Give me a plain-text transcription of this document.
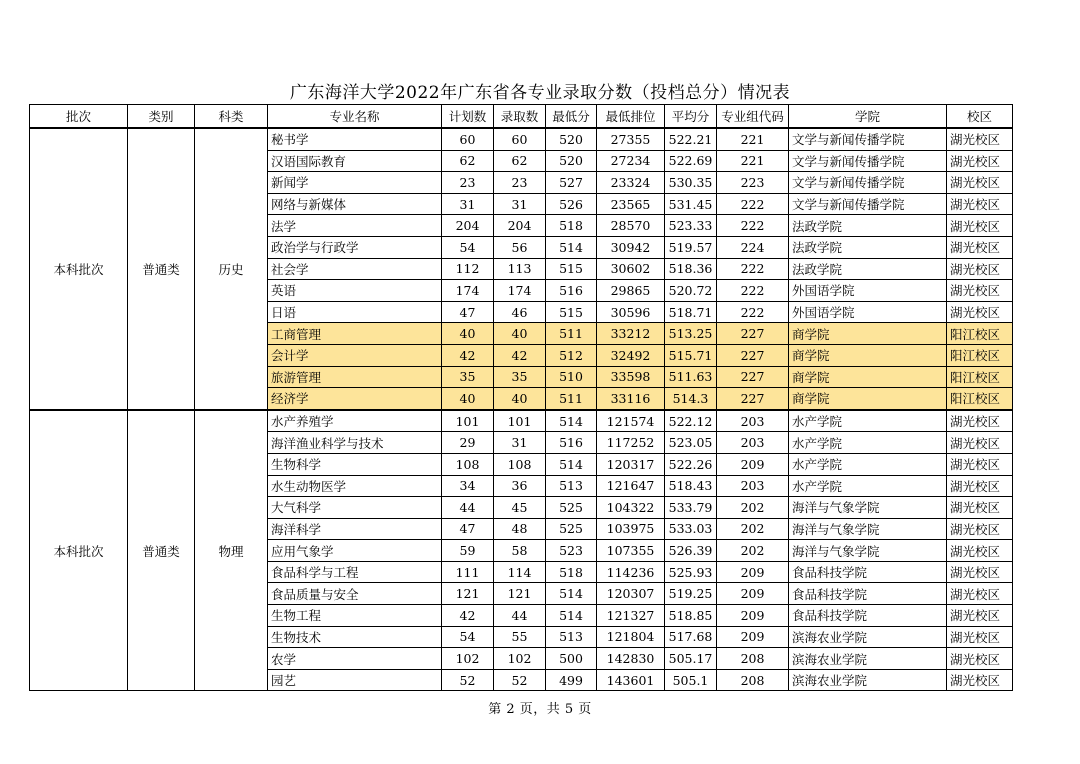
广东海洋大学2022年广东省各专业录取分数（投档总分）情况表
批次	类别	科类	专业名称	计划数	录取数	最低分	最低排位	平均分	专业组代码	学院	校区
本科批次	普通类	历史	秘书学	60	60	520	27355	522.21	221	文学与新闻传播学院	湖光校区
			汉语国际教育	62	62	520	27234	522.69	221	文学与新闻传播学院	湖光校区
			新闻学	23	23	527	23324	530.35	223	文学与新闻传播学院	湖光校区
			网络与新媒体	31	31	526	23565	531.45	222	文学与新闻传播学院	湖光校区
			法学	204	204	518	28570	523.33	222	法政学院	湖光校区
			政治学与行政学	54	56	514	30942	519.57	224	法政学院	湖光校区
			社会学	112	113	515	30602	518.36	222	法政学院	湖光校区
			英语	174	174	516	29865	520.72	222	外国语学院	湖光校区
			日语	47	46	515	30596	518.71	222	外国语学院	湖光校区
			工商管理	40	40	511	33212	513.25	227	商学院	阳江校区
			会计学	42	42	512	32492	515.71	227	商学院	阳江校区
			旅游管理	35	35	510	33598	511.63	227	商学院	阳江校区
			经济学	40	40	511	33116	514.3	227	商学院	阳江校区
本科批次	普通类	物理	水产养殖学	101	101	514	121574	522.12	203	水产学院	湖光校区
			海洋渔业科学与技术	29	31	516	117252	523.05	203	水产学院	湖光校区
			生物科学	108	108	514	120317	522.26	209	水产学院	湖光校区
			水生动物医学	34	36	513	121647	518.43	203	水产学院	湖光校区
			大气科学	44	45	525	104322	533.79	202	海洋与气象学院	湖光校区
			海洋科学	47	48	525	103975	533.03	202	海洋与气象学院	湖光校区
			应用气象学	59	58	523	107355	526.39	202	海洋与气象学院	湖光校区
			食品科学与工程	111	114	518	114236	525.93	209	食品科技学院	湖光校区
			食品质量与安全	121	121	514	120307	519.25	209	食品科技学院	湖光校区
			生物工程	42	44	514	121327	518.85	209	食品科技学院	湖光校区
			生物技术	54	55	513	121804	517.68	209	滨海农业学院	湖光校区
			农学	102	102	500	142830	505.17	208	滨海农业学院	湖光校区
			园艺	52	52	499	143601	505.1	208	滨海农业学院	湖光校区
第 2 页，共 5 页
